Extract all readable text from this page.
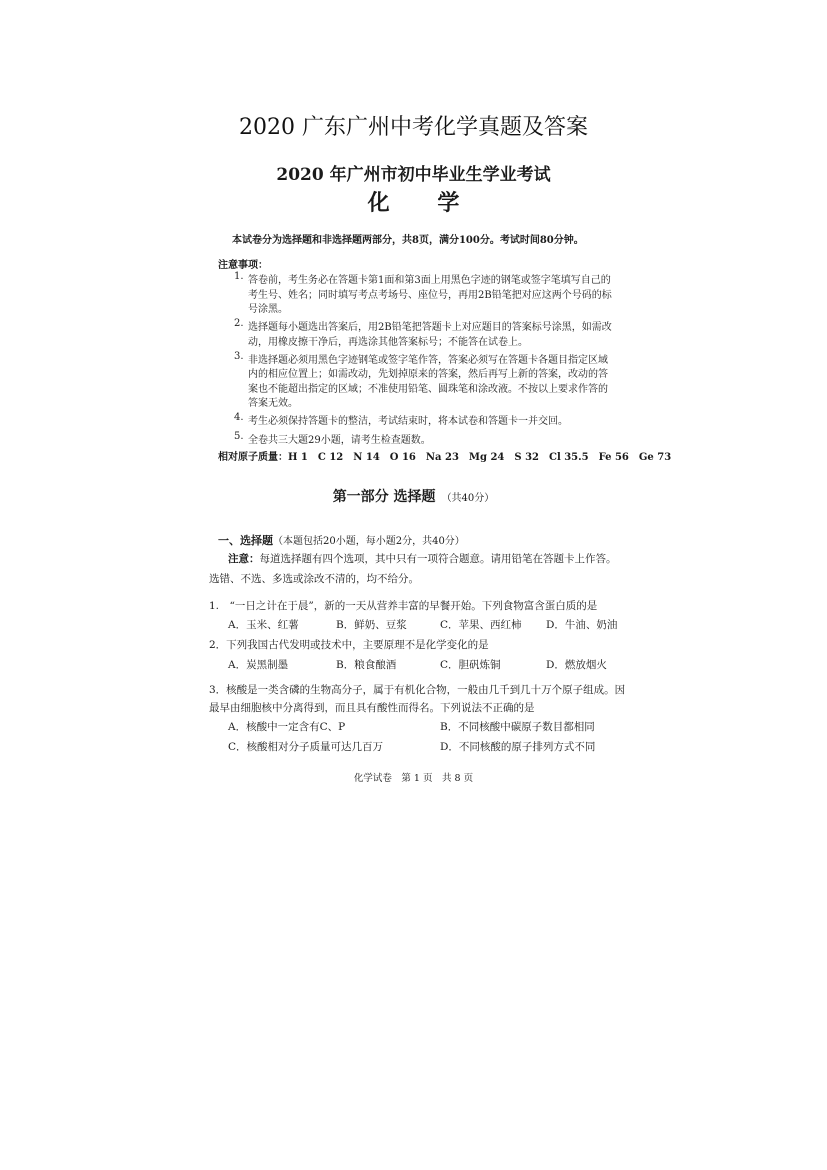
2020 广东广州中考化学真题及答案
2020 年广州市初中毕业生学业考试
化 学
本试卷分为选择题和非选择题两部分，共8页，满分100分。考试时间80分钟。
注意事项：
1. 答卷前，考生务必在答题卡第1面和第3面上用黑色字迹的钢笔或签字笔填写自己的
考生号、姓名；同时填写考点考场号、座位号，再用2B铅笔把对应这两个号码的标
号涂黑。
2. 选择题每小题选出答案后，用2B铅笔把答题卡上对应题目的答案标号涂黑，如需改
动，用橡皮擦干净后，再选涂其他答案标号；不能答在试卷上。
3. 非选择题必须用黑色字迹钢笔或签字笔作答，答案必须写在答题卡各题目指定区域
内的相应位置上；如需改动，先划掉原来的答案，然后再写上新的答案，改动的答
案也不能超出指定的区域；不准使用铅笔、圆珠笔和涂改液。不按以上要求作答的
答案无效。
4. 考生必须保持答题卡的整洁，考试结束时，将本试卷和答题卡一并交回。
5. 全卷共三大题29小题，请考生检查题数。
相对原子质量：H 1　C 12　N 14　O 16　Na 23　Mg 24　S 32　Cl 35.5　Fe 56　Ge 73
第一部分 选择题 （共40分）
一、选择题（本题包括20小题，每小题2分，共40分）
注意：每道选择题有四个选项，其中只有一项符合题意。请用铅笔在答题卡上作答。
选错、不选、多选或涂改不清的，均不给分。
1.　“一日之计在于晨”，新的一天从营养丰富的早餐开始。下列食物富含蛋白质的是
A．玉米、红薯	B．鲜奶、豆浆	C．苹果、西红柿 D．牛油、奶油
2．下列我国古代发明或技术中，主要原理不是化学变化的是
A．炭黑制墨	B．粮食酿酒	C．胆矾炼铜	D．燃放烟火
3．核酸是一类含磷的生物高分子，属于有机化合物，一般由几千到几十万个原子组成。因
最早由细胞核中分离得到，而且具有酸性而得名。下列说法不正确的是
A．核酸中一定含有C、P	B．不同核酸中碳原子数目都相同
C．核酸相对分子质量可达几百万	D．不同核酸的原子排列方式不同
化学试卷　第 1 页　共 8 页
